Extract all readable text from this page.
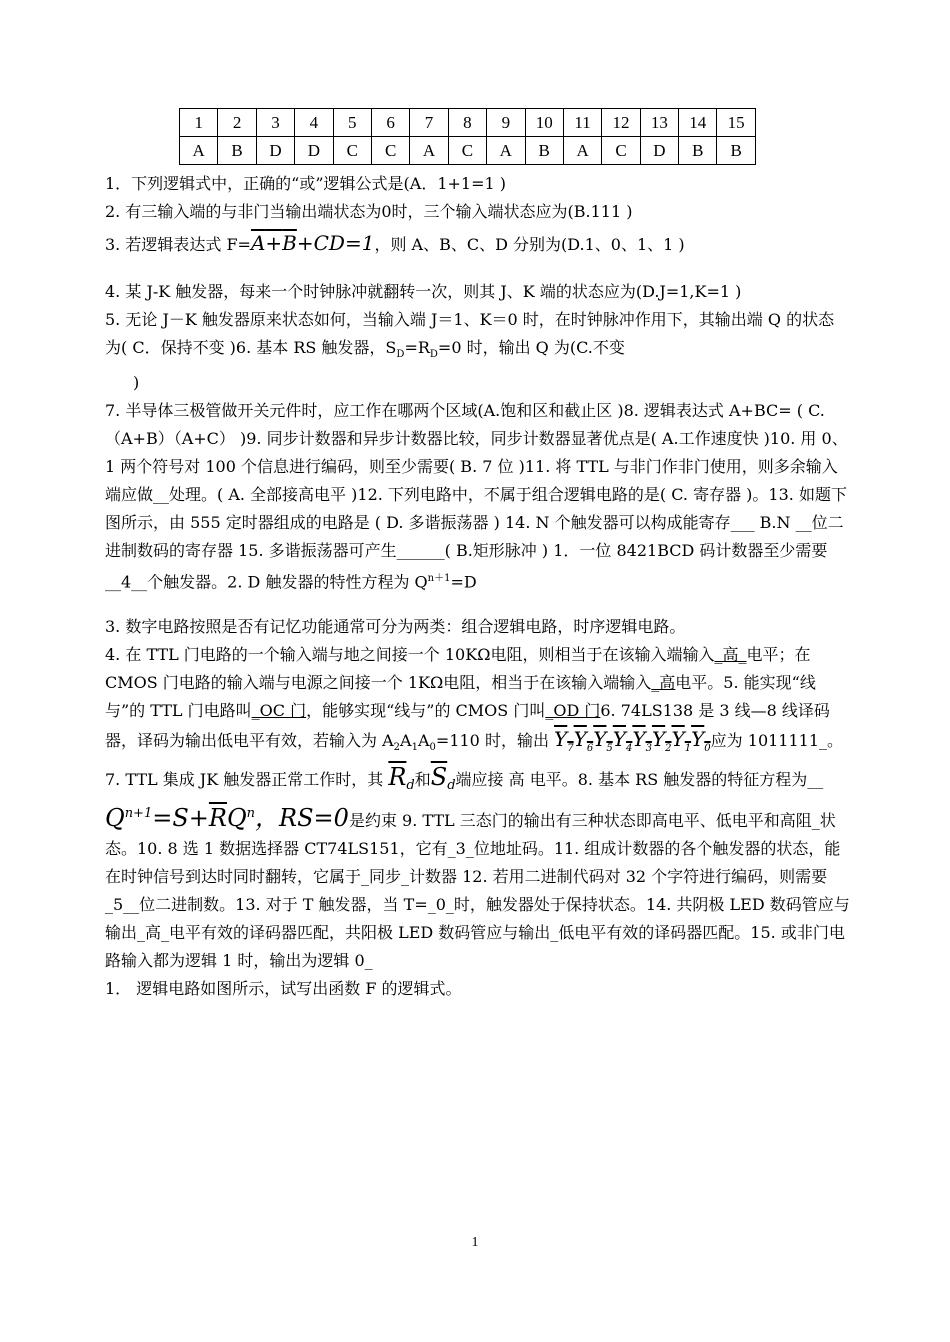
1	2	3	4	5	6	7	8	9	10	11	12	13	14	15
A	B	D	D	C	C	A	C	A	B	A	C	D	B	B

1．下列逻辑式中，正确的“或”逻辑公式是(A．1+1=1 )

2. 有三输入端的与非门当输出端状态为0时，三个输入端状态应为(B.111 )

3. 若逻辑表达式 F=A+B+CD=1，则 A、B、C、D 分别为(D.1、0、1、1 )

4. 某 J-K 触发器，每来一个时钟脉冲就翻转一次，则其 J、K 端的状态应为(D.J=1,K=1 )

5. 无论 J－K 触发器原来状态如何，当输入端 J＝1、K＝0 时，在时钟脉冲作用下，其输出端 Q 的状态为( C．保持不变 )6. 基本 RS 触发器，$S_D=R_D=0$ 时，输出 Q 为(C.不变
)

7. 半导体三极管做开关元件时，应工作在哪两个区域(A.饱和区和截止区 )8. 逻辑表达式 A+BC= ( C.（A+B）（A+C） )9. 同步计数器和异步计数器比较，同步计数器显著优点是( A.工作速度快 )10. 用 0、1 两个符号对 100 个信息进行编码，则至少需要( B. 7 位 )11. 将 TTL 与非门作非门使用，则多余输入端应做__处理。( A. 全部接高电平 )12. 下列电路中，不属于组合逻辑电路的是( C. 寄存器 )。13. 如题下图所示，由 555 定时器组成的电路是 ( D. 多谐振荡器 ) 14. N 个触发器可以构成能寄存___ B.N __位二进制数码的寄存器 15. 多谐振荡器可产生______( B.矩形脉冲 ) 1．一位 8421BCD 码计数器至少需要__4__个触发器。2. D 触发器的特性方程为 $Q^{n+1}=D$

3. 数字电路按照是否有记忆功能通常可分为两类：组合逻辑电路，时序逻辑电路。

4. 在 TTL 门电路的一个输入端与地之间接一个 10KΩ电阻，则相当于在该输入端输入_高_电平；在 CMOS 门电路的输入端与电源之间接一个 1KΩ电阻，相当于在该输入端输入_高电平。5. 能实现“线与”的 TTL 门电路叫_OC 门，能够实现“线与”的 CMOS 门叫_OD 门6. 74LS138 是 3 线—8 线译码器，译码为输出低电平有效，若输入为 $A_2A_1A_0=110$ 时，输出 $Y_7Y_6Y_5Y_4Y_3Y_2Y_1Y_0$应为 1011111_。7. TTL 集成 JK 触发器正常工作时，其 $\overline{R}_d$和$\overline{S}_d$端应接 高 电平。8. 基本 RS 触发器的特征方程为__ $Q^{n+1}=S+\overline{R}Q^n$，RS=0是约束 9. TTL 三态门的输出有三种状态即高电平、低电平和高阻_状态。10. 8 选 1 数据选择器 CT74LS151，它有_3_位地址码。11. 组成计数器的各个触发器的状态，能在时钟信号到达时同时翻转，它属于_同步_计数器 12. 若用二进制代码对 32 个字符进行编码，则需要_5__位二进制数。13. 对于 T 触发器，当 T=_0_时，触发器处于保持状态。14. 共阴极 LED 数码管应与输出_高_电平有效的译码器匹配，共阳极 LED 数码管应与输出_低电平有效的译码器匹配。15. 或非门电路输入都为逻辑 1 时，输出为逻辑 0_

1． 逻辑电路如图所示，试写出函数 F 的逻辑式。

1
